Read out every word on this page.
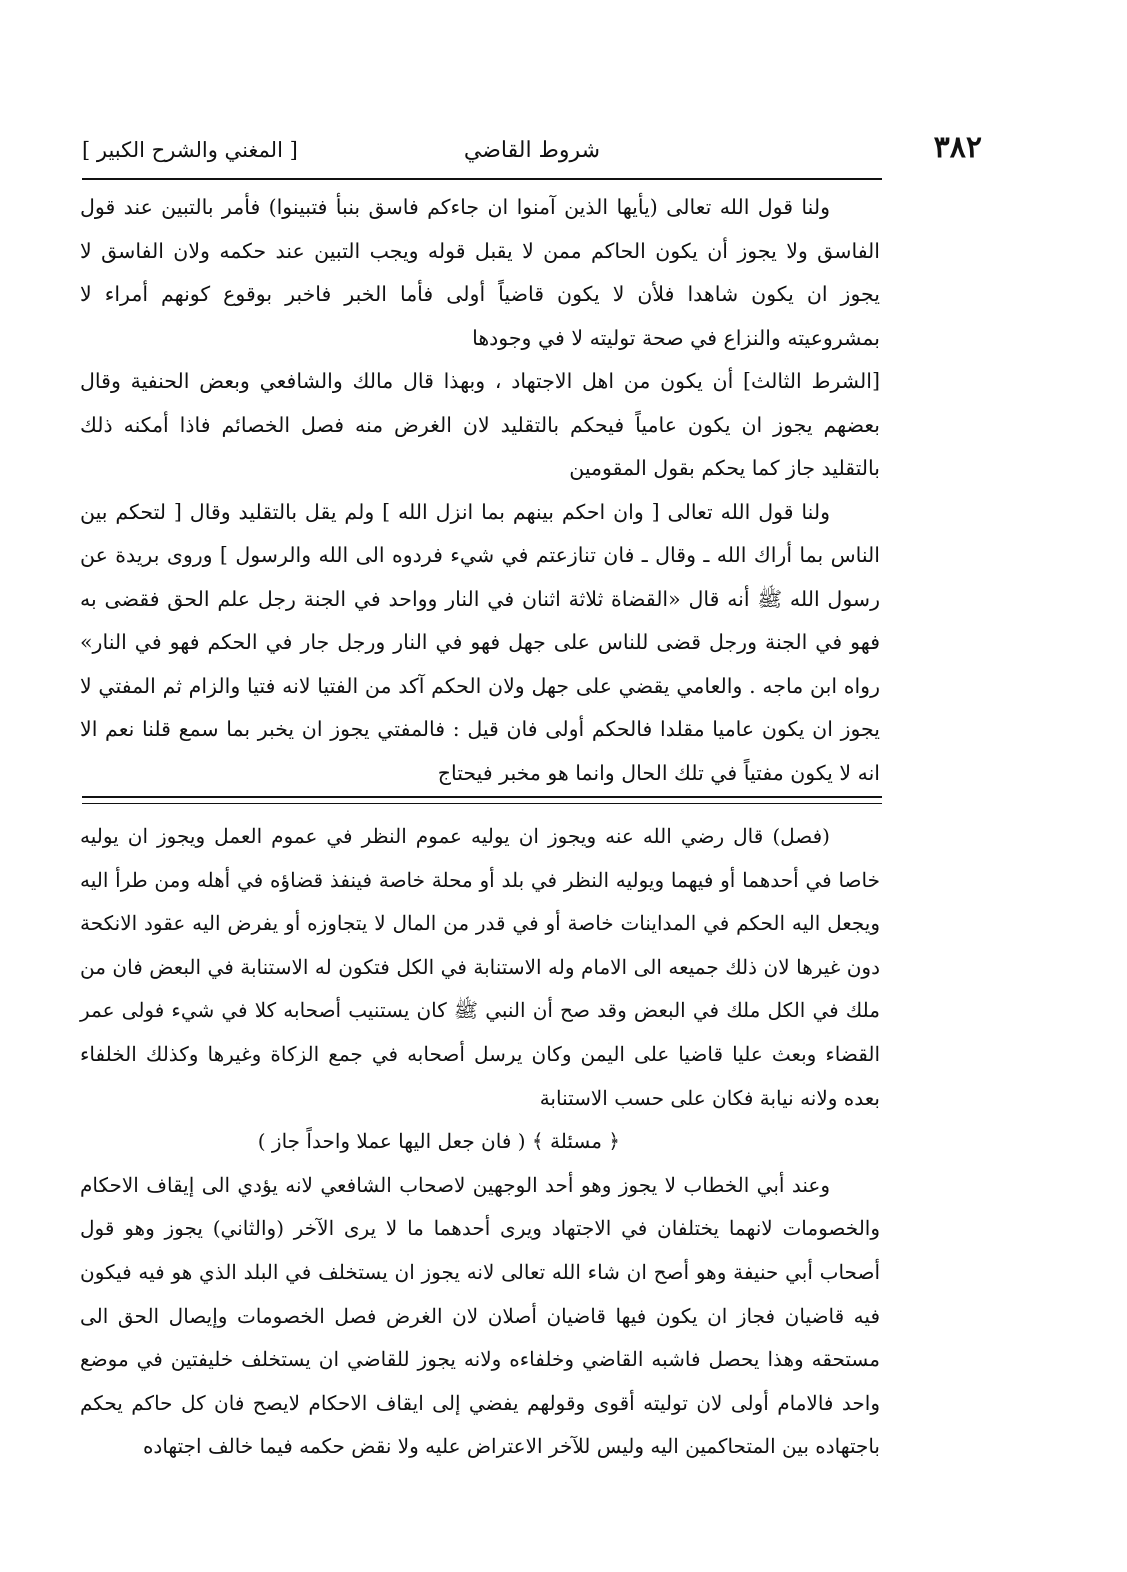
٣٨٢
شروط القاضي
[ المغني والشرح الكبير ]

ولنا قول الله تعالى (يأيها الذين آمنوا ان جاءكم فاسق بنبأ فتبينوا) فأمر بالتبين عند قول الفاسق ولا يجوز أن يكون الحاكم ممن لا يقبل قوله ويجب التبين عند حكمه ولان الفاسق لا يجوز ان يكون شاهدا فلأن لا يكون قاضياً أولى فأما الخبر فاخبر بوقوع كونهم أمراء لا بمشروعيته والنزاع في صحة توليته لا في وجودها

[الشرط الثالث] أن يكون من اهل الاجتهاد ، وبهذا قال مالك والشافعي وبعض الحنفية وقال بعضهم يجوز ان يكون عامياً فيحكم بالتقليد لان الغرض منه فصل الخصائم فاذا أمكنه ذلك بالتقليد جاز كما يحكم بقول المقومين

ولنا قول الله تعالى [ وان احكم بينهم بما انزل الله ] ولم يقل بالتقليد وقال [ لتحكم بين الناس بما أراك الله ـ وقال ـ فان تنازعتم في شيء فردوه الى الله والرسول ] وروى بريدة عن رسول الله ﷺ أنه قال «القضاة ثلاثة اثنان في النار وواحد في الجنة رجل علم الحق فقضى به فهو في الجنة ورجل قضى للناس على جهل فهو في النار ورجل جار في الحكم فهو في النار» رواه ابن ماجه . والعامي يقضي على جهل ولان الحكم آكد من الفتيا لانه فتيا والزام ثم المفتي لا يجوز ان يكون عاميا مقلدا فالحكم أولى فان قيل : فالمفتي يجوز ان يخبر بما سمع قلنا نعم الا انه لا يكون مفتياً في تلك الحال وانما هو مخبر فيحتاج

(فصل) قال رضي الله عنه ويجوز ان يوليه عموم النظر في عموم العمل ويجوز ان يوليه خاصا في أحدهما أو فيهما ويوليه النظر في بلد أو محلة خاصة فينفذ قضاؤه في أهله ومن طرأ اليه ويجعل اليه الحكم في المداينات خاصة أو في قدر من المال لا يتجاوزه أو يفرض اليه عقود الانكحة دون غيرها لان ذلك جميعه الى الامام وله الاستنابة في الكل فتكون له الاستنابة في البعض فان من ملك في الكل ملك في البعض وقد صح أن النبي ﷺ كان يستنيب أصحابه كلا في شيء فولى عمر القضاء وبعث عليا قاضيا على اليمن وكان يرسل أصحابه في جمع الزكاة وغيرها وكذلك الخلفاء بعده ولانه نيابة فكان على حسب الاستنابة

﴿ مسئلة ﴾ ( فان جعل اليها عملا واحداً جاز )

وعند أبي الخطاب لا يجوز وهو أحد الوجهين لاصحاب الشافعي لانه يؤدي الى إيقاف الاحكام والخصومات لانهما يختلفان في الاجتهاد ويرى أحدهما ما لا يرى الآخر (والثاني) يجوز وهو قول أصحاب أبي حنيفة وهو أصح ان شاء الله تعالى لانه يجوز ان يستخلف في البلد الذي هو فيه فيكون فيه قاضيان فجاز ان يكون فيها قاضيان أصلان لان الغرض فصل الخصومات وإيصال الحق الى مستحقه وهذا يحصل فاشبه القاضي وخلفاءه ولانه يجوز للقاضي ان يستخلف خليفتين في موضع واحد فالامام أولى لان توليته أقوى وقولهم يفضي إلى ايقاف الاحكام لايصح فان كل حاكم يحكم باجتهاده بين المتحاكمين اليه وليس للآخر الاعتراض عليه ولا نقض حكمه فيما خالف اجتهاده
